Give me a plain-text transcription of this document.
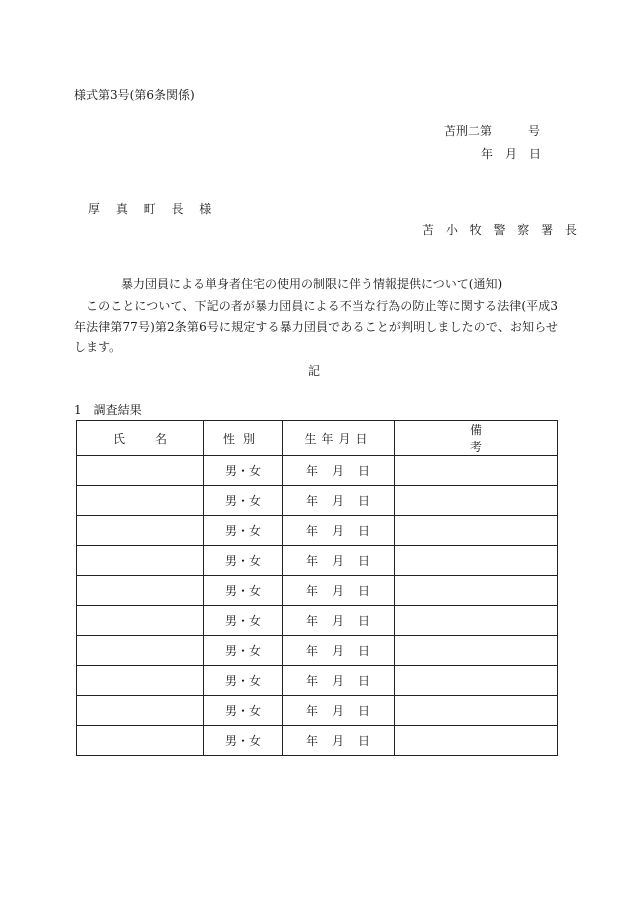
様式第3号(第6条関係)
苫刑二第　　　号
年　月　日
厚 真 町 長 様
苫 小 牧 警 察 署 長
暴力団員による単身者住宅の使用の制限に伴う情報提供について(通知)
このことについて、下記の者が暴力団員による不当な行為の防止等に関する法律(平成3年法律第77号)第2条第6号に規定する暴力団員であることが判明しましたので、お知らせします。
記
1　調査結果
氏名	性別	生年月日	備考
	男・女	年　月　日	
	男・女	年　月　日	
	男・女	年　月　日	
	男・女	年　月　日	
	男・女	年　月　日	
	男・女	年　月　日	
	男・女	年　月　日	
	男・女	年　月　日	
	男・女	年　月　日	
	男・女	年　月　日	
